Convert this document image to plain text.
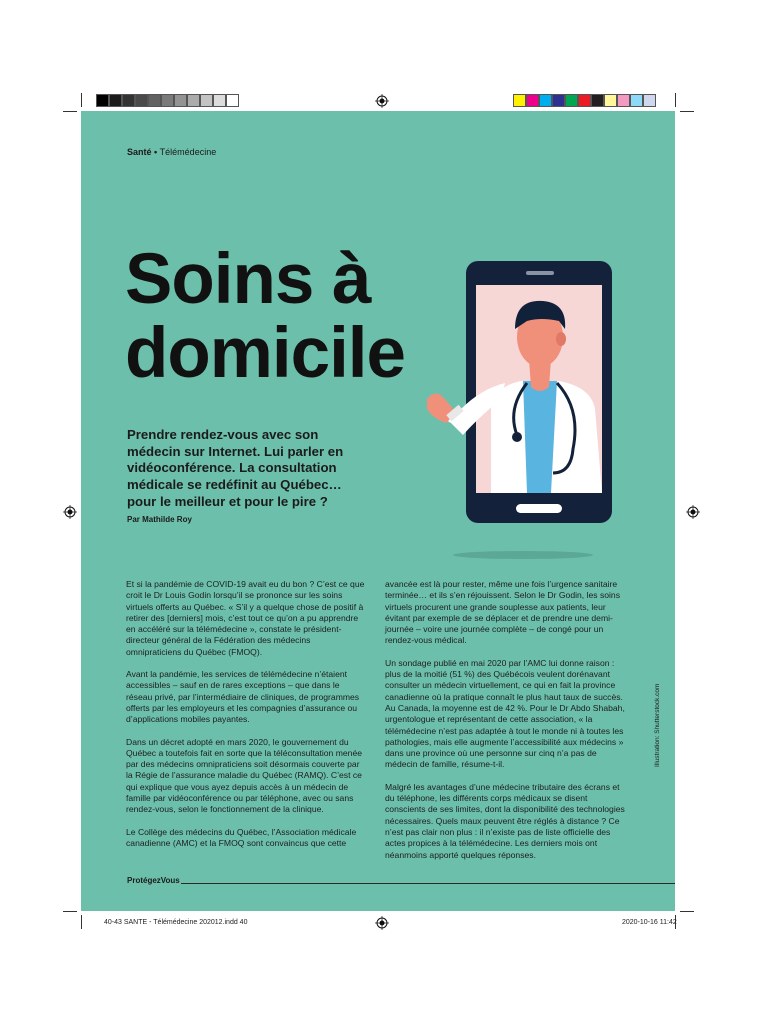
Santé • Télémédecine
Soins à
domicile

Prendre rendez-vous avec son médecin sur Internet. Lui parler en vidéoconférence. La consultation médicale se redéfinit au Québec… pour le meilleur et pour le pire ?

Par Mathilde Roy

Et si la pandémie de COVID-19 avait eu du bon ? C’est ce que croit le Dr Louis Godin lorsqu’il se prononce sur les soins virtuels offerts au Québec. « S’il y a quelque chose de positif à retirer des [derniers] mois, c’est tout ce qu’on a pu apprendre en accéléré sur la télémédecine », constate le président-directeur général de la Fédération des médecins omnipraticiens du Québec (FMOQ).

Avant la pandémie, les services de télémédecine n’étaient accessibles – sauf en de rares exceptions – que dans le réseau privé, par l’intermédiaire de cliniques, de programmes offerts par les employeurs et les compagnies d’assurance ou d’applications mobiles payantes.

Dans un décret adopté en mars 2020, le gouvernement du Québec a toutefois fait en sorte que la téléconsultation menée par des médecins omnipraticiens soit désormais couverte par la Régie de l’assurance maladie du Québec (RAMQ). C’est ce qui explique que vous ayez depuis accès à un médecin de famille par vidéoconférence ou par téléphone, avec ou sans rendez-vous, selon le fonctionnement de la clinique.

Le Collège des médecins du Québec, l’Association médicale canadienne (AMC) et la FMOQ sont convaincus que cette

avancée est là pour rester, même une fois l’urgence sanitaire terminée… et ils s’en réjouissent. Selon le Dr Godin, les soins virtuels procurent une grande souplesse aux patients, leur évitant par exemple de se déplacer et de prendre une demi-journée – voire une journée complète – de congé pour un rendez-vous médical.

Un sondage publié en mai 2020 par l’AMC lui donne raison : plus de la moitié (51 %) des Québécois veulent dorénavant consulter un médecin virtuellement, ce qui en fait la province canadienne où la pratique connaît le plus haut taux de succès. Au Canada, la moyenne est de 42 %. Pour le Dr Abdo Shabah, urgentologue et représentant de cette association, « la télémédecine n’est pas adaptée à tout le monde ni à toutes les pathologies, mais elle augmente l’accessibilité aux médecins » dans une province où une personne sur cinq n’a pas de médecin de famille, résume-t-il.

Malgré les avantages d’une médecine tributaire des écrans et du téléphone, les différents corps médicaux se disent conscients de ses limites, dont la disponibilité des technologies nécessaires. Quels maux peuvent être réglés à distance ? Ce n’est pas clair non plus : il n’existe pas de liste officielle des actes propices à la télémédecine. Les derniers mois ont néanmoins apporté quelques réponses.

Illustration: Shutterstock.com
ProtégezVous
40-43 SANTE - Télémédecine 202012.indd 40	2020-10-16 11:42
